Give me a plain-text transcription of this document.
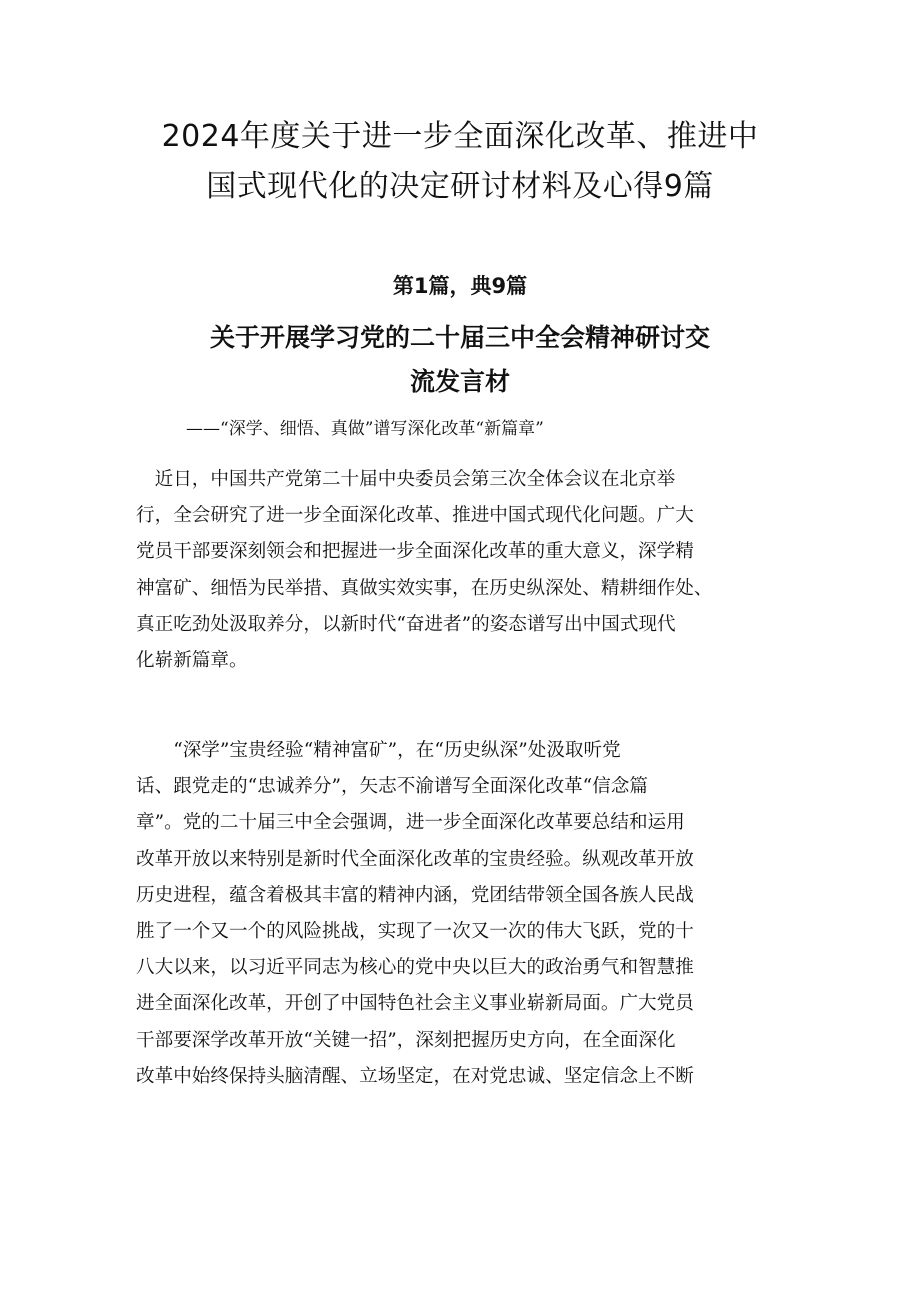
2024年度关于进一步全面深化改革、推进中
国式现代化的决定研讨材料及心得9篇

第1篇，典9篇

关于开展学习党的二十届三中全会精神研讨交
流发言材

——“深学、细悟、真做”谱写深化改革“新篇章”

　近日，中国共产党第二十届中央委员会第三次全体会议在北京举
行，全会研究了进一步全面深化改革、推进中国式现代化问题。广大
党员干部要深刻领会和把握进一步全面深化改革的重大意义，深学精
神富矿、细悟为民举措、真做实效实事，在历史纵深处、精耕细作处、
真正吃劲处汲取养分，以新时代“奋进者”的姿态谱写出中国式现代
化崭新篇章。
　　“深学”宝贵经验“精神富矿”，在“历史纵深”处汲取听党
话、跟党走的“忠诚养分”，矢志不渝谱写全面深化改革“信念篇
章”。党的二十届三中全会强调，进一步全面深化改革要总结和运用
改革开放以来特别是新时代全面深化改革的宝贵经验。纵观改革开放
历史进程，蕴含着极其丰富的精神内涵，党团结带领全国各族人民战
胜了一个又一个的风险挑战，实现了一次又一次的伟大飞跃，党的十
八大以来，以习近平同志为核心的党中央以巨大的政治勇气和智慧推
进全面深化改革，开创了中国特色社会主义事业崭新局面。广大党员
干部要深学改革开放“关键一招”，深刻把握历史方向，在全面深化
改革中始终保持头脑清醒、立场坚定，在对党忠诚、坚定信念上不断
